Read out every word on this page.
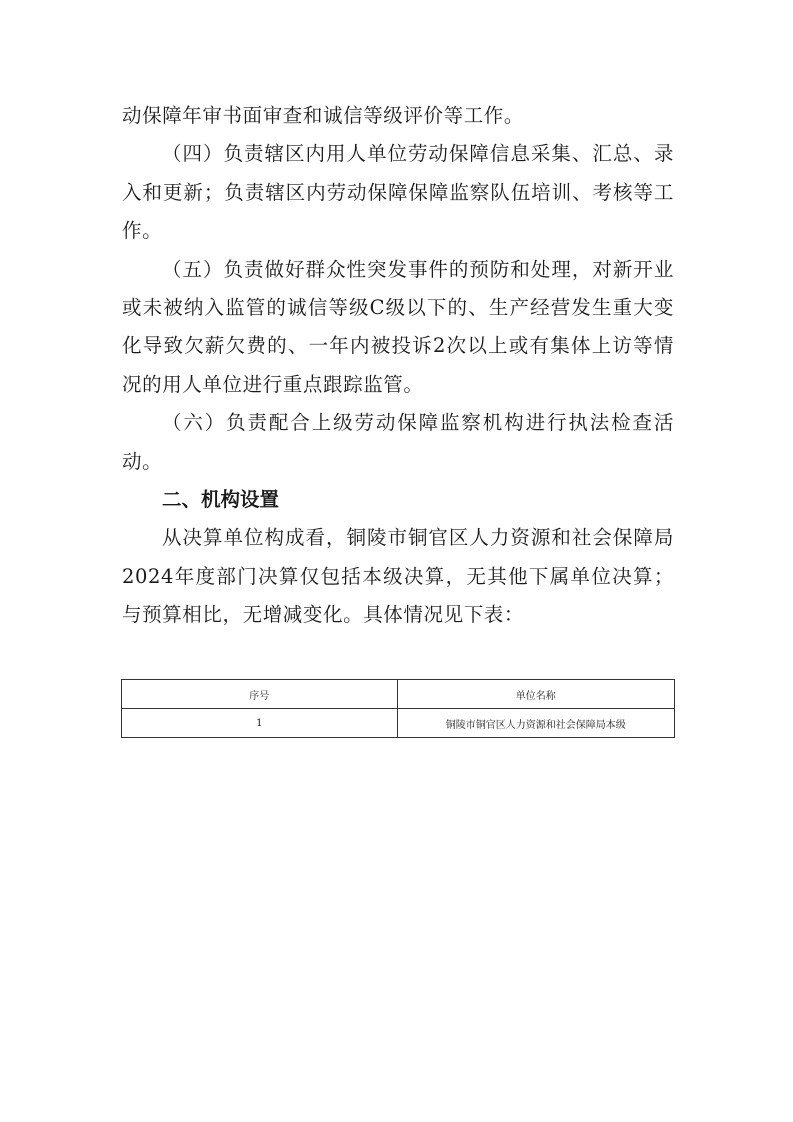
动保障年审书面审查和诚信等级评价等工作。

（四）负责辖区内用人单位劳动保障信息采集、汇总、录入和更新；负责辖区内劳动保障保障监察队伍培训、考核等工作。

（五）负责做好群众性突发事件的预防和处理，对新开业或未被纳入监管的诚信等级C级以下的、生产经营发生重大变化导致欠薪欠费的、一年内被投诉2次以上或有集体上访等情况的用人单位进行重点跟踪监管。

（六）负责配合上级劳动保障监察机构进行执法检查活动。

二、机构设置

从决算单位构成看，铜陵市铜官区人力资源和社会保障局2024年度部门决算仅包括本级决算，无其他下属单位决算；与预算相比，无增减变化。具体情况见下表：

序号	单位名称
1	铜陵市铜官区人力资源和社会保障局本级
